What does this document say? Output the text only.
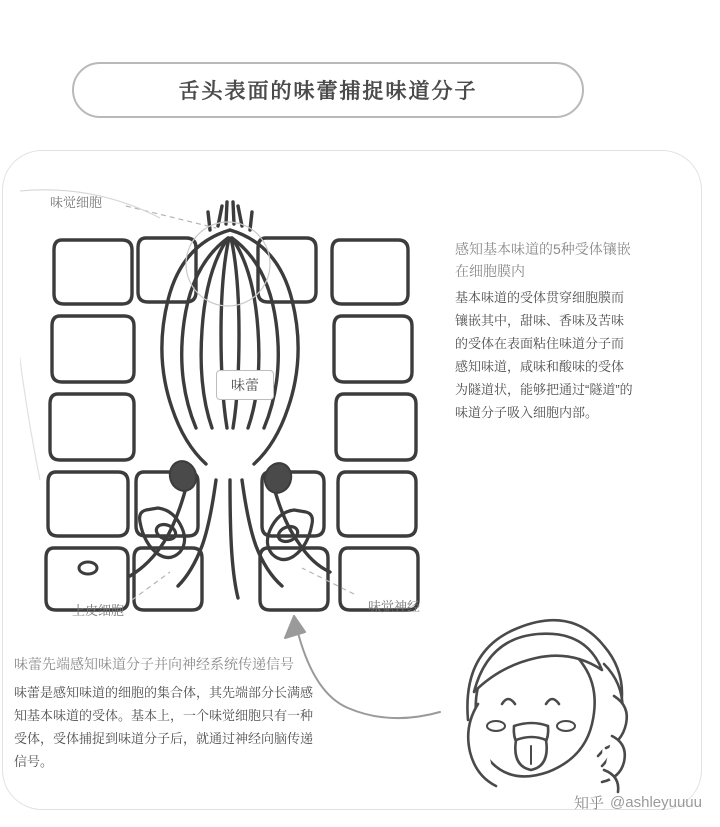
舌头表面的味蕾捕捉味道分子
味觉细胞
味蕾
上皮细胞	味觉神经
感知基本味道的5种受体镶嵌在细胞膜内
基本味道的受体贯穿细胞膜而镶嵌其中，甜味、香味及苦味的受体在表面粘住味道分子而感知味道，咸味和酸味的受体为隧道状，能够把通过“隧道”的味道分子吸入细胞内部。
味蕾先端感知味道分子并向神经系统传递信号
味蕾是感知味道的细胞的集合体，其先端部分长满感知基本味道的受体。基本上，一个味觉细胞只有一种受体，受体捕捉到味道分子后，就通过神经向脑传递信号。
知乎 @ashleyuuuu
